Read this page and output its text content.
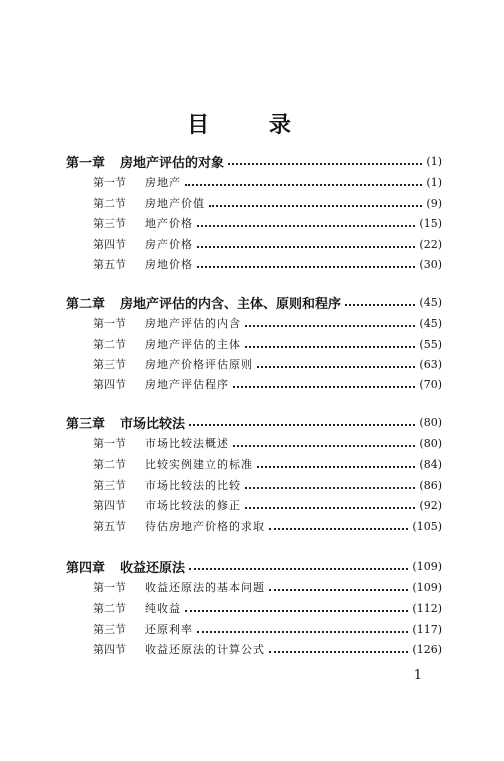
目 录
第一章	房地产评估的对象	(1)
第一节	房地产	(1)
第二节	房地产价值	(9)
第三节	地产价格	(15)
第四节	房产价格	(22)
第五节	房地价格	(30)
第二章	房地产评估的内含、主体、原则和程序	(45)
第一节	房地产评估的内含	(45)
第二节	房地产评估的主体	(55)
第三节	房地产价格评估原则	(63)
第四节	房地产评估程序	(70)
第三章	市场比较法	(80)
第一节	市场比较法概述	(80)
第二节	比较实例建立的标准	(84)
第三节	市场比较法的比较	(86)
第四节	市场比较法的修正	(92)
第五节	待估房地产价格的求取	(105)
第四章	收益还原法	(109)
第一节	收益还原法的基本问题	(109)
第二节	纯收益	(112)
第三节	还原利率	(117)
第四节	收益还原法的计算公式	(126)
1
